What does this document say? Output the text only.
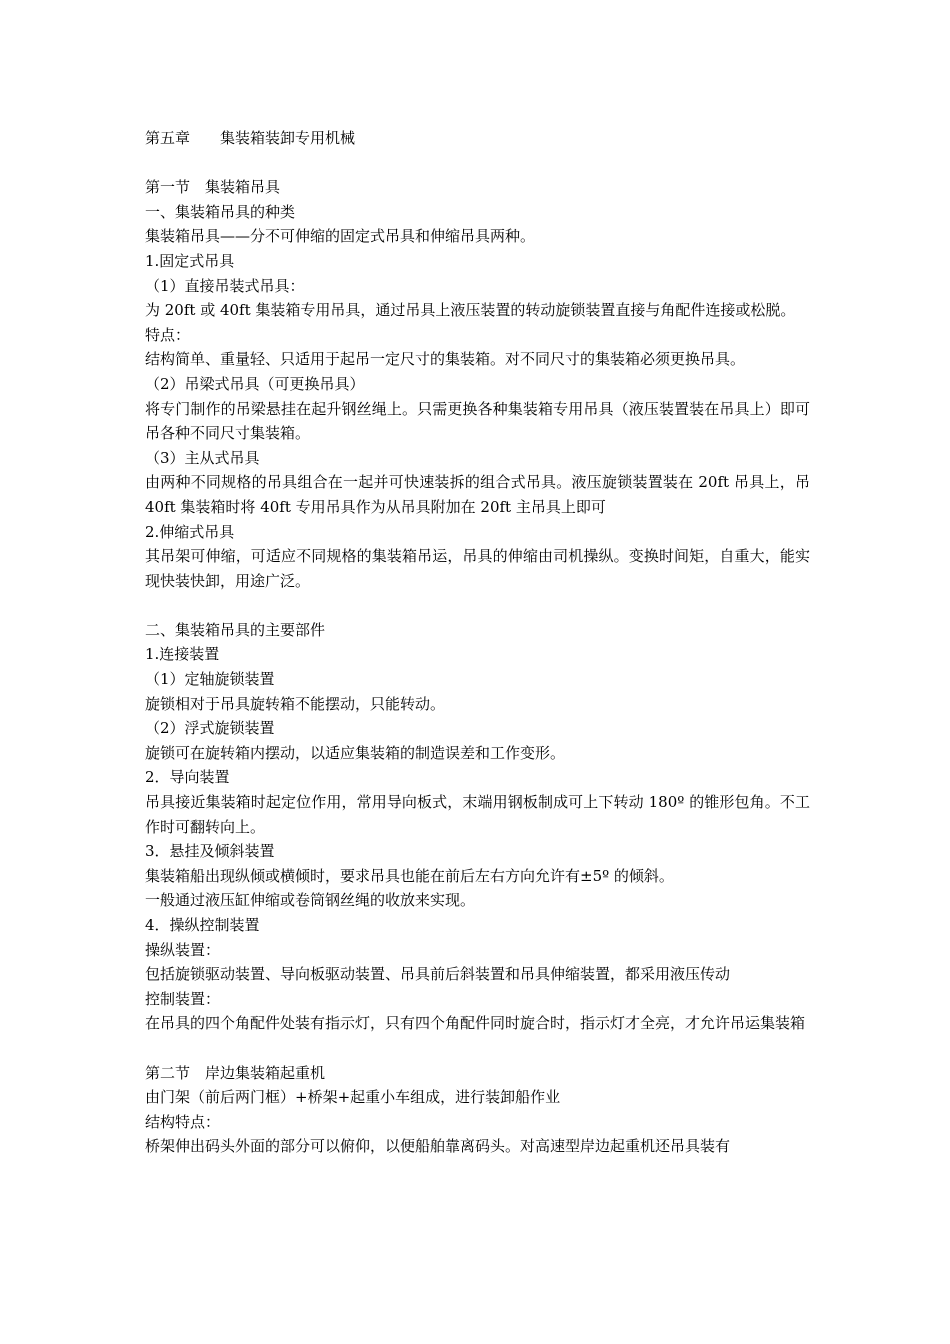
第五章　　集装箱装卸专用机械

第一节　集装箱吊具

一、集装箱吊具的种类

集装箱吊具——分不可伸缩的固定式吊具和伸缩吊具两种。

1.固定式吊具

（1）直接吊装式吊具：

为 20ft 或 40ft 集装箱专用吊具，通过吊具上液压装置的转动旋锁装置直接与角配件连接或松脱。

特点：

结构简单、重量轻、只适用于起吊一定尺寸的集装箱。对不同尺寸的集装箱必须更换吊具。

（2）吊梁式吊具（可更换吊具）

将专门制作的吊梁悬挂在起升钢丝绳上。只需更换各种集装箱专用吊具（液压装置装在吊具上）即可吊各种不同尺寸集装箱。

（3）主从式吊具

由两种不同规格的吊具组合在一起并可快速装拆的组合式吊具。液压旋锁装置装在 20ft 吊具上，吊 40ft 集装箱时将 40ft 专用吊具作为从吊具附加在 20ft 主吊具上即可

2.伸缩式吊具

其吊架可伸缩，可适应不同规格的集装箱吊运，吊具的伸缩由司机操纵。变换时间矩，自重大，能实现快装快卸，用途广泛。

二、集装箱吊具的主要部件

1.连接装置

（1）定轴旋锁装置

旋锁相对于吊具旋转箱不能摆动，只能转动。

（2）浮式旋锁装置

旋锁可在旋转箱内摆动，以适应集装箱的制造误差和工作变形。

2．导向装置

吊具接近集装箱时起定位作用，常用导向板式，末端用钢板制成可上下转动 180º 的锥形包角。不工作时可翻转向上。

3．悬挂及倾斜装置

集装箱船出现纵倾或横倾时，要求吊具也能在前后左右方向允许有±5º 的倾斜。

一般通过液压缸伸缩或卷筒钢丝绳的收放来实现。

4．操纵控制装置

操纵装置：

包括旋锁驱动装置、导向板驱动装置、吊具前后斜装置和吊具伸缩装置，都采用液压传动

控制装置：

在吊具的四个角配件处装有指示灯，只有四个角配件同时旋合时，指示灯才全亮，才允许吊运集装箱

第二节　岸边集装箱起重机

由门架（前后两门框）+桥架+起重小车组成，进行装卸船作业

结构特点：

桥架伸出码头外面的部分可以俯仰，以便船舶靠离码头。对高速型岸边起重机还吊具装有
